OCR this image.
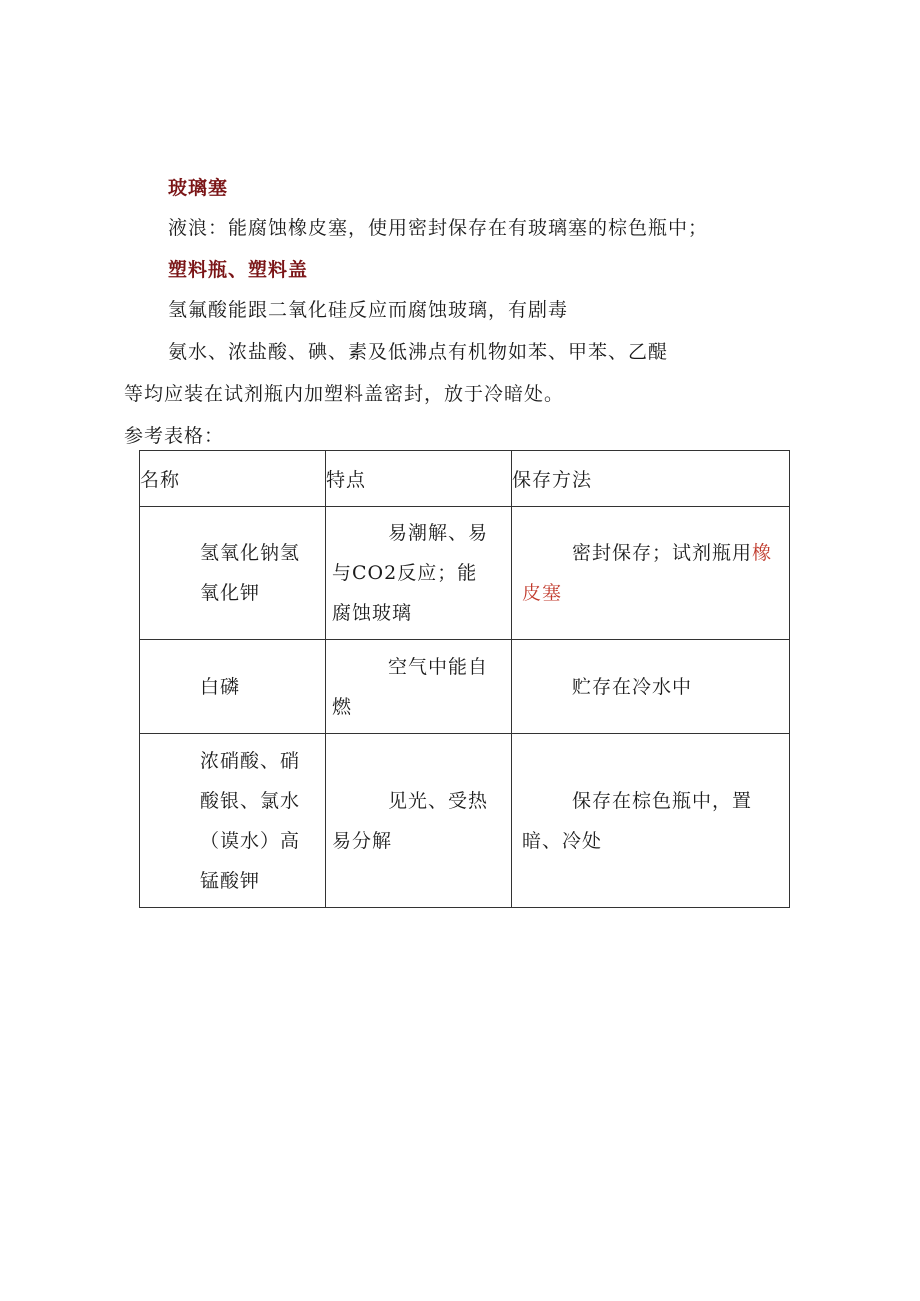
玻璃塞
液浪：能腐蚀橡皮塞，使用密封保存在有玻璃塞的棕色瓶中；
塑料瓶、塑料盖
氢氟酸能跟二氧化硅反应而腐蚀玻璃，有剧毒
氨水、浓盐酸、碘、素及低沸点有机物如苯、甲苯、乙醍
等均应装在试剂瓶内加塑料盖密封，放于冷暗处。
参考表格：
名称	特点	保存方法

氢氧化钠氢氧化钾	易潮解、易与CO2反应；能腐蚀玻璃	密封保存；试剂瓶用橡皮塞

白磷	空气中能自燃	贮存在冷水中

浓硝酸、硝酸银、氯水（谟水）高锰酸钾	见光、受热易分解	保存在棕色瓶中，置暗、冷处
